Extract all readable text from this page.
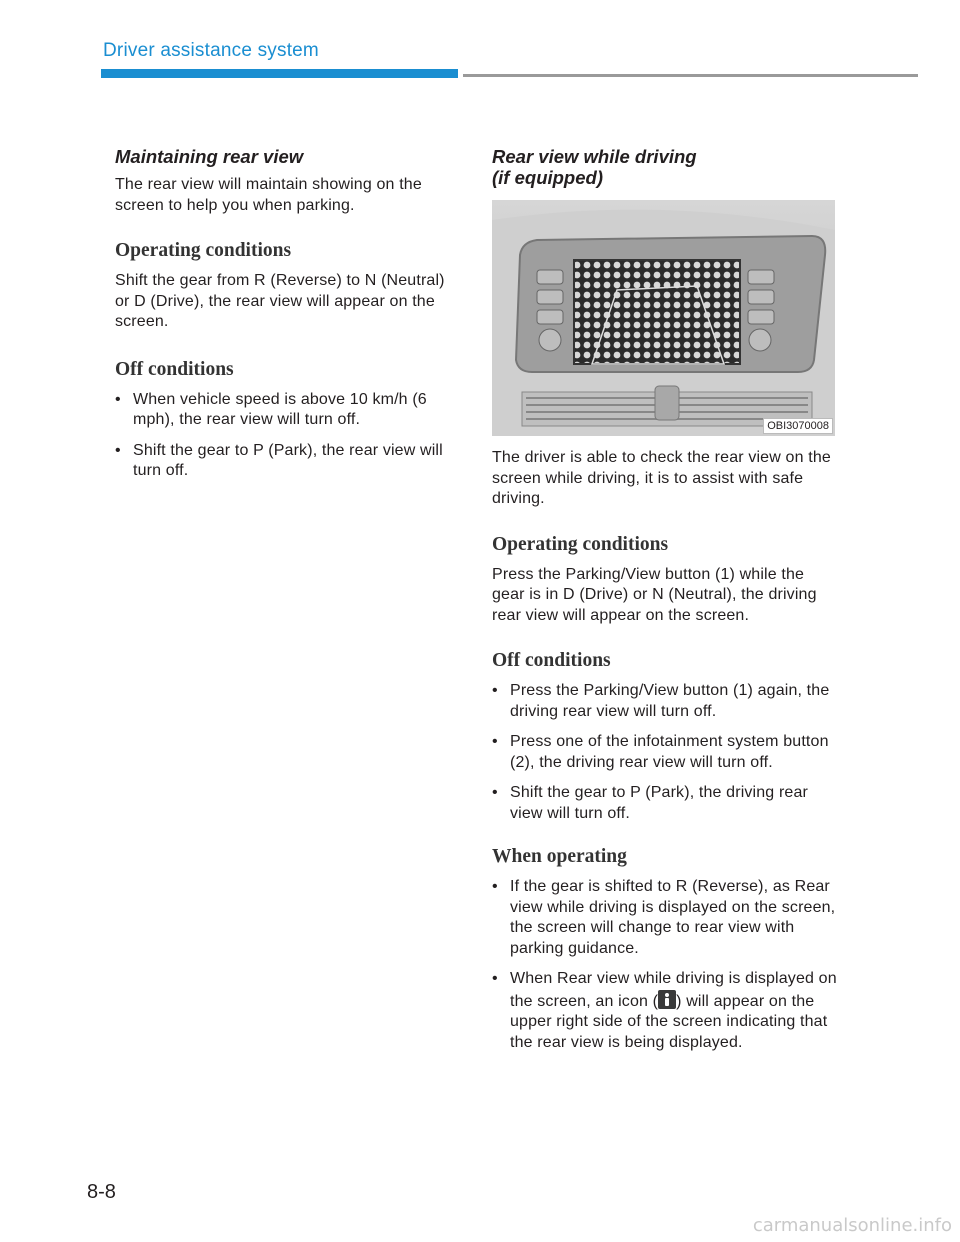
Driver assistance system
Maintaining rear view

The rear view will maintain showing on the screen to help you when parking.

Operating conditions

Shift the gear from R (Reverse) to N (Neutral) or D (Drive), the rear view will appear on the screen.

Off conditions
• When vehicle speed is above 10 km/h (6 mph), the rear view will turn off.
• Shift the gear to P (Park), the rear view will turn off.
Rear view while driving
(if equipped)
OBI3070008

The driver is able to check the rear view on the screen while driving, it is to assist with safe driving.

Operating conditions

Press the Parking/View button (1) while the gear is in D (Drive) or N (Neutral), the driving rear view will appear on the screen.

Off conditions
• Press the Parking/View button (1) again, the driving rear view will turn off.
• Press one of the infotainment system button (2), the driving rear view will turn off.
• Shift the gear to P (Park), the driving rear view will turn off.
When operating
• If the gear is shifted to R (Reverse), as Rear view while driving is displayed on the screen, the screen will change to rear view with parking guidance.
• When Rear view while driving is displayed on the screen, an icon ( ) will appear on the upper right side of the screen indicating that the rear view is being displayed.
8-8
carmanualsonline.info
